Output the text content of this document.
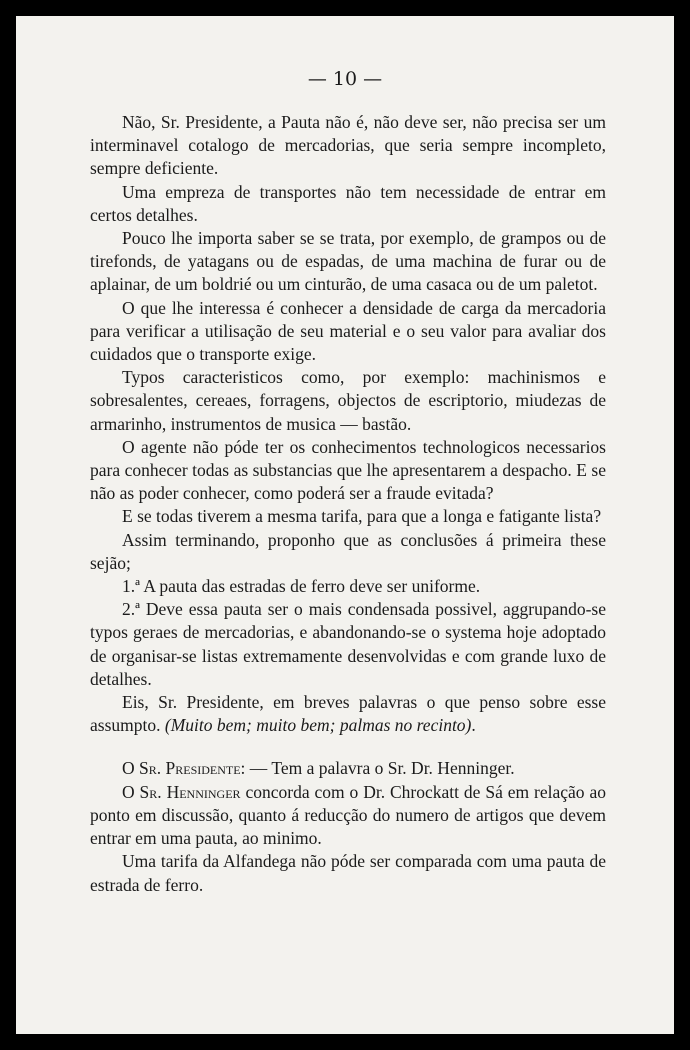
— 10 —

Não, Sr. Presidente, a Pauta não é, não deve ser, não precisa ser um interminavel cotalogo de mercadorias, que seria sempre incompleto, sempre deficiente.

Uma empreza de transportes não tem necessidade de entrar em certos detalhes.

Pouco lhe importa saber se se trata, por exemplo, de grampos ou de tirefonds, de yatagans ou de espadas, de uma machina de furar ou de aplainar, de um boldrié ou um cinturão, de uma casaca ou de um paletot.

O que lhe interessa é conhecer a densidade de carga da mercadoria para verificar a utilisação de seu material e o seu valor para avaliar dos cuidados que o transporte exige.

Typos caracteristicos como, por exemplo: machinismos e sobresalentes, cereaes, forragens, objectos de escriptorio, miudezas de armarinho, instrumentos de musica — bastão.

O agente não póde ter os conhecimentos technologicos necessarios para conhecer todas as substancias que lhe apresentarem a despacho. E se não as poder conhecer, como poderá ser a fraude evitada?

E se todas tiverem a mesma tarifa, para que a longa e fatigante lista?

Assim terminando, proponho que as conclusões á primeira these sejão;

1.ª A pauta das estradas de ferro deve ser uniforme.

2.ª Deve essa pauta ser o mais condensada possivel, aggrupando-se typos geraes de mercadorias, e abandonando-se o systema hoje adoptado de organisar-se listas extremamente desenvolvidas e com grande luxo de detalhes.

Eis, Sr. Presidente, em breves palavras o que penso sobre esse assumpto. (Muito bem; muito bem; palmas no recinto).

O Sr. Presidente: — Tem a palavra o Sr. Dr. Henninger.

O Sr. Henninger concorda com o Dr. Chrockatt de Sá em relação ao ponto em discussão, quanto á reducção do numero de artigos que devem entrar em uma pauta, ao minimo.

Uma tarifa da Alfandega não póde ser comparada com uma pauta de estrada de ferro.
